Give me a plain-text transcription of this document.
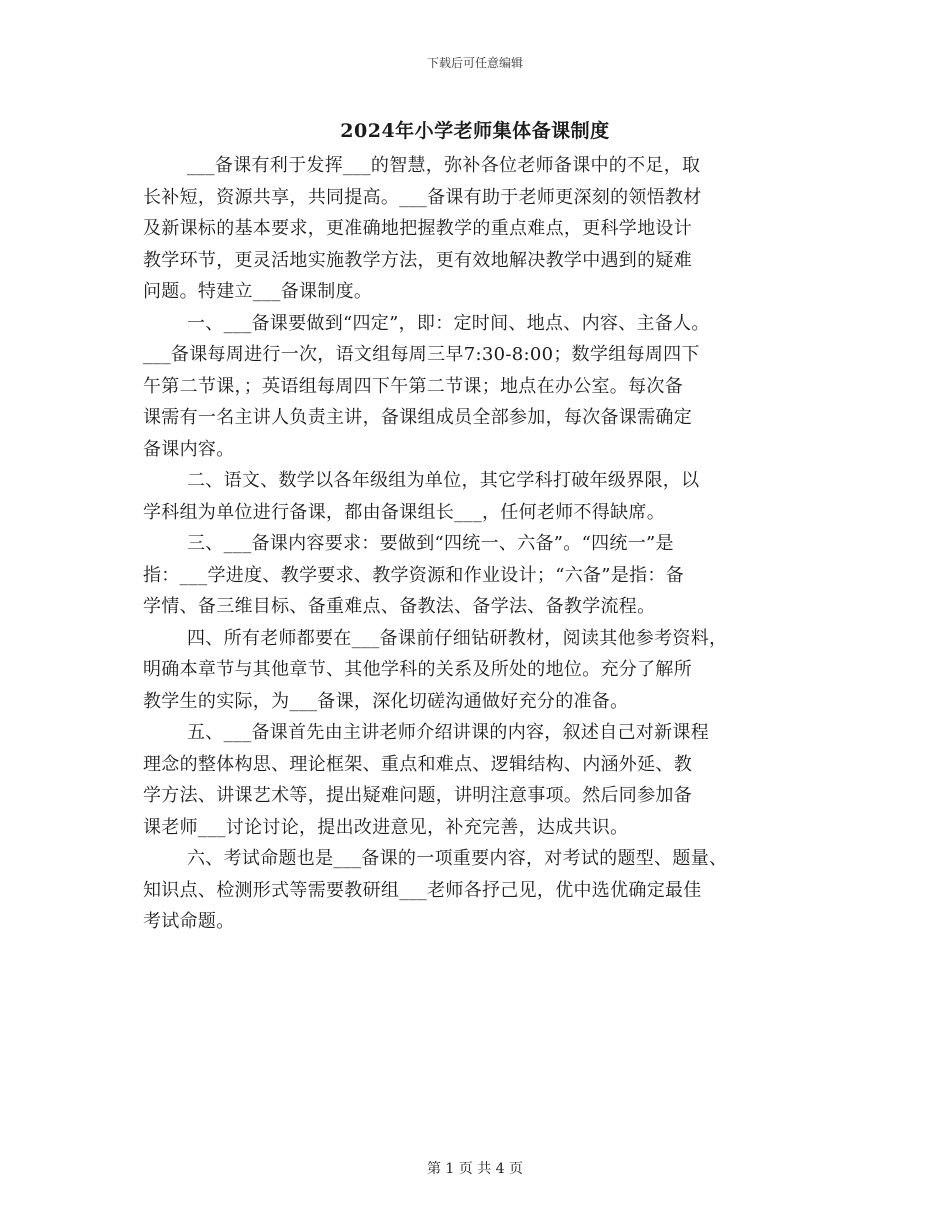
下载后可任意编辑
2024年小学老师集体备课制度
___备课有利于发挥___的智慧，弥补各位老师备课中的不足，取
长补短，资源共享，共同提高。___备课有助于老师更深刻的领悟教材
及新课标的基本要求，更准确地把握教学的重点难点，更科学地设计
教学环节，更灵活地实施教学方法，更有效地解决教学中遇到的疑难
问题。特建立___备课制度。
一、___备课要做到“四定”，即：定时间、地点、内容、主备人。
___备课每周进行一次，语文组每周三早7:30-8:00；数学组每周四下
午第二节课，；英语组每周四下午第二节课；地点在办公室。每次备
课需有一名主讲人负责主讲，备课组成员全部参加，每次备课需确定
备课内容。
二、语文、数学以各年级组为单位，其它学科打破年级界限，以
学科组为单位进行备课，都由备课组长___，任何老师不得缺席。
三、___备课内容要求：要做到“四统一、六备”。“四统一”是
指：___学进度、教学要求、教学资源和作业设计；“六备”是指：备
学情、备三维目标、备重难点、备教法、备学法、备教学流程。
四、所有老师都要在___备课前仔细钻研教材，阅读其他参考资料，
明确本章节与其他章节、其他学科的关系及所处的地位。充分了解所
教学生的实际，为___备课，深化切磋沟通做好充分的准备。
五、___备课首先由主讲老师介绍讲课的内容，叙述自己对新课程
理念的整体构思、理论框架、重点和难点、逻辑结构、内涵外延、教
学方法、讲课艺术等，提出疑难问题，讲明注意事项。然后同参加备
课老师___讨论讨论，提出改进意见，补充完善，达成共识。
六、考试命题也是___备课的一项重要内容，对考试的题型、题量、
知识点、检测形式等需要教研组___老师各抒己见，优中选优确定最佳
考试命题。
第 1 页 共 4 页
